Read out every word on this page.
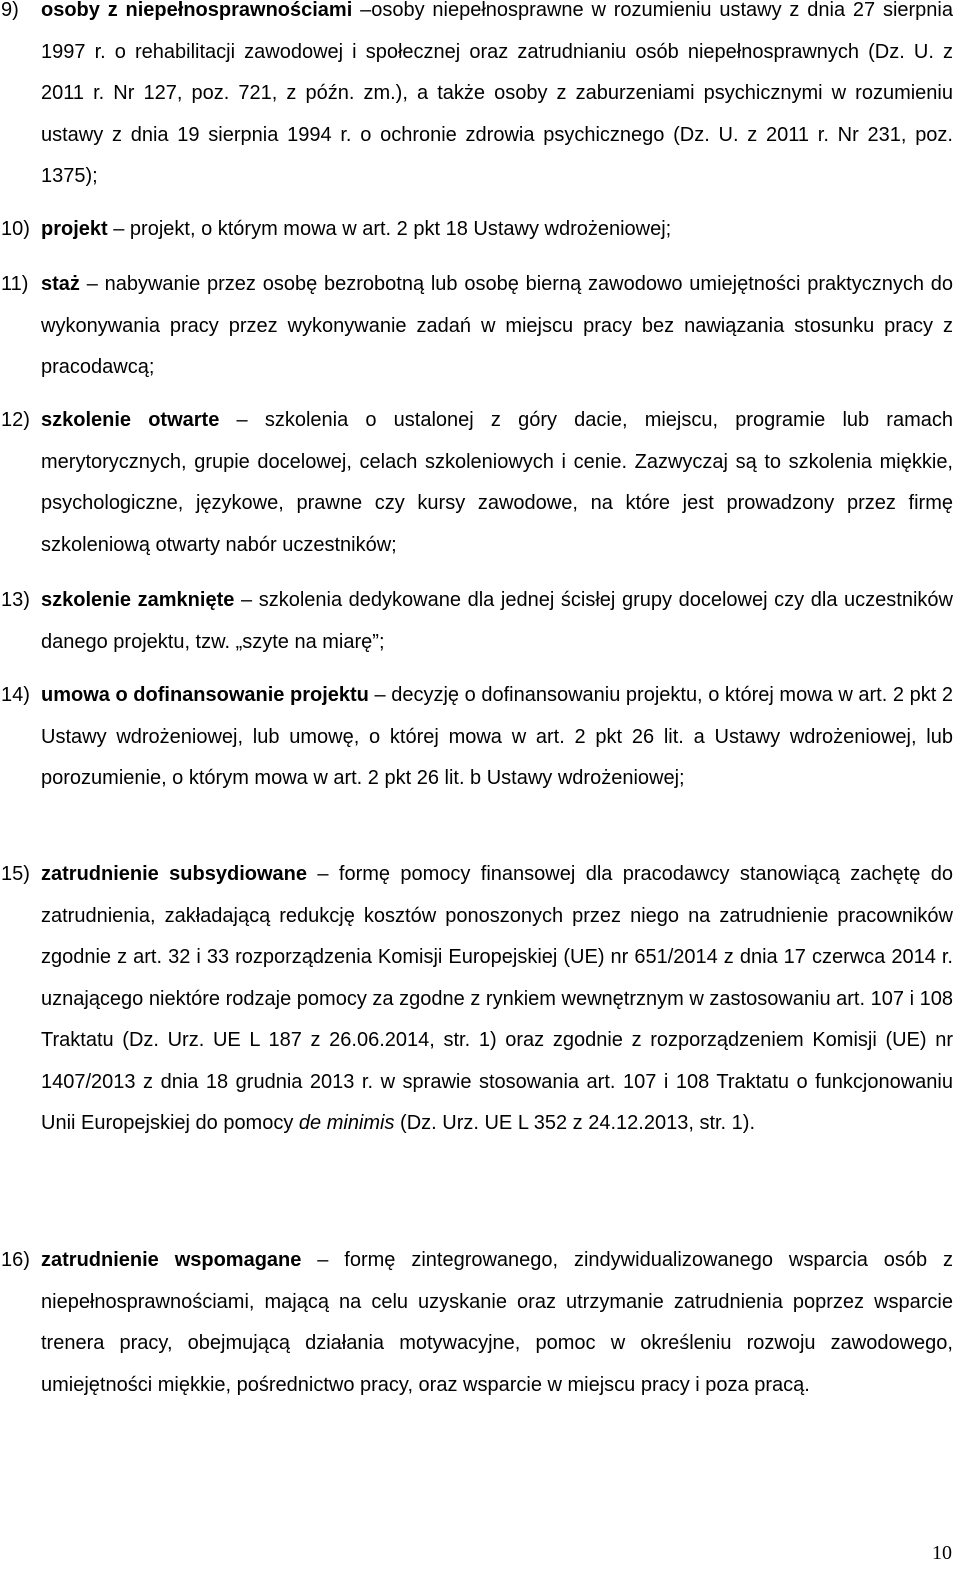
9) osoby z niepełnosprawnościami –osoby niepełnosprawne w rozumieniu ustawy z dnia 27 sierpnia 1997 r. o rehabilitacji zawodowej i społecznej oraz zatrudnianiu osób niepełnosprawnych (Dz. U. z 2011 r. Nr 127, poz. 721, z późn. zm.), a także osoby z zaburzeniami psychicznymi w rozumieniu ustawy z dnia 19 sierpnia 1994 r. o ochronie zdrowia psychicznego (Dz. U. z 2011 r. Nr 231, poz. 1375);
10) projekt – projekt, o którym mowa w art. 2 pkt 18 Ustawy wdrożeniowej;
11) staż – nabywanie przez osobę bezrobotną lub osobę bierną zawodowo umiejętności praktycznych do wykonywania pracy przez wykonywanie zadań w miejscu pracy bez nawiązania stosunku pracy z pracodawcą;
12) szkolenie otwarte – szkolenia o ustalonej z góry dacie, miejscu, programie lub ramach merytorycznych, grupie docelowej, celach szkoleniowych i cenie. Zazwyczaj są to szkolenia miękkie, psychologiczne, językowe, prawne czy kursy zawodowe, na które jest prowadzony przez firmę szkoleniową otwarty nabór uczestników;
13) szkolenie zamknięte – szkolenia dedykowane dla jednej ścisłej grupy docelowej czy dla uczestników danego projektu, tzw. „szyte na miarę”;
14) umowa o dofinansowanie projektu – decyzję o dofinansowaniu projektu, o której mowa w art. 2 pkt 2 Ustawy wdrożeniowej, lub umowę, o której mowa w art. 2 pkt 26 lit. a Ustawy wdrożeniowej, lub porozumienie, o którym mowa w art. 2 pkt 26 lit. b Ustawy wdrożeniowej;
15) zatrudnienie subsydiowane – formę pomocy finansowej dla pracodawcy stanowiącą zachętę do zatrudnienia, zakładającą redukcję kosztów ponoszonych przez niego na zatrudnienie pracowników zgodnie z art. 32 i 33 rozporządzenia Komisji Europejskiej (UE) nr 651/2014 z dnia 17 czerwca 2014 r. uznającego niektóre rodzaje pomocy za zgodne z rynkiem wewnętrznym w zastosowaniu art. 107 i 108 Traktatu (Dz. Urz. UE L 187 z 26.06.2014, str. 1) oraz zgodnie z rozporządzeniem Komisji (UE) nr 1407/2013 z dnia 18 grudnia 2013 r. w sprawie stosowania art. 107 i 108 Traktatu o funkcjonowaniu Unii Europejskiej do pomocy de minimis (Dz. Urz. UE L 352 z 24.12.2013, str. 1).
16) zatrudnienie wspomagane – formę zintegrowanego, zindywidualizowanego wsparcia osób z niepełnosprawnościami, mającą na celu uzyskanie oraz utrzymanie zatrudnienia poprzez wsparcie trenera pracy, obejmującą działania motywacyjne, pomoc w określeniu rozwoju zawodowego, umiejętności miękkie, pośrednictwo pracy, oraz wsparcie w miejscu pracy i poza pracą.
10
